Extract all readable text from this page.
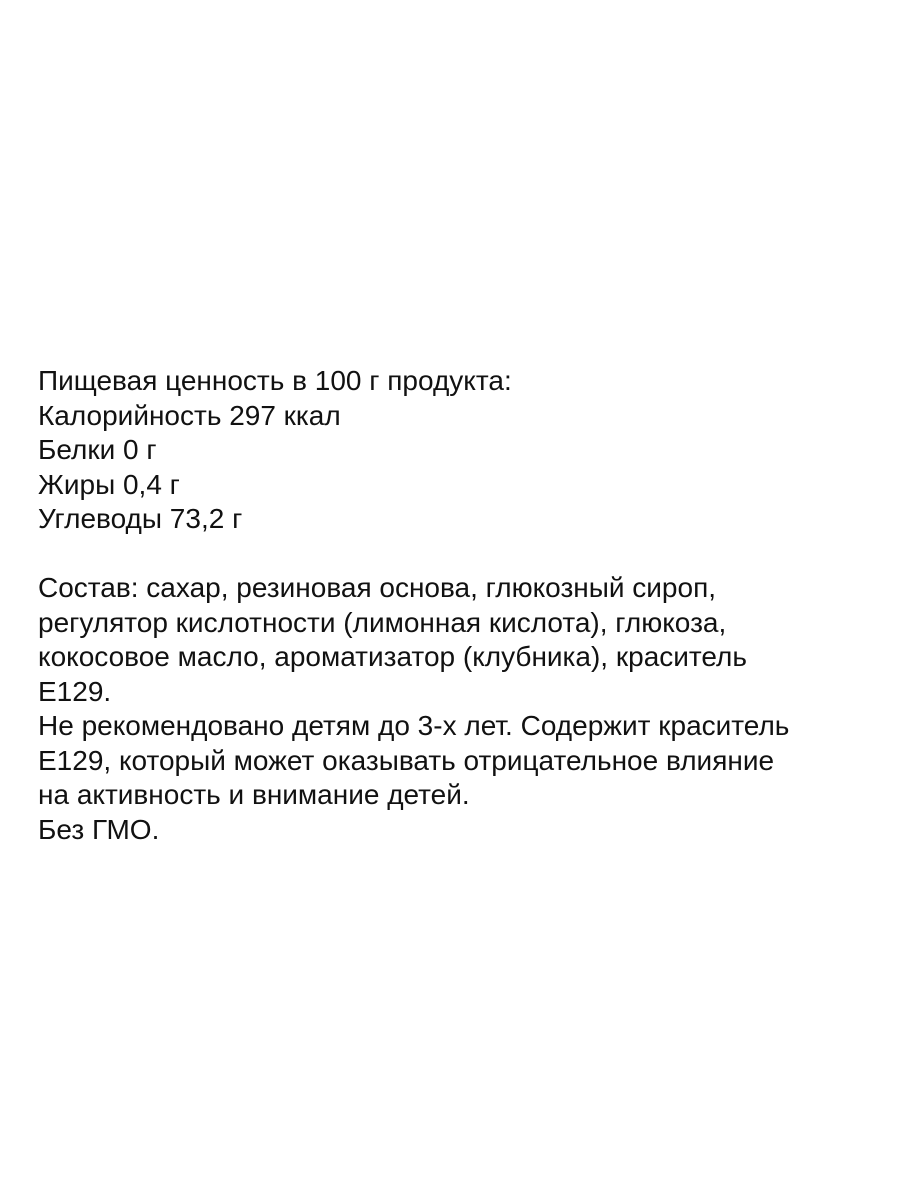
Пищевая ценность в 100 г продукта:
Калорийность 297 ккал
Белки 0 г
Жиры 0,4 г
Углеводы 73,2 г
Состав: сахар, резиновая основа, глюкозный сироп,
регулятор кислотности (лимонная кислота), глюкоза,
кокосовое масло, ароматизатор (клубника), краситель
E129.
Не рекомендовано детям до 3-х лет. Содержит краситель
E129, который может оказывать отрицательное влияние
на активность и внимание детей.
Без ГМО.
